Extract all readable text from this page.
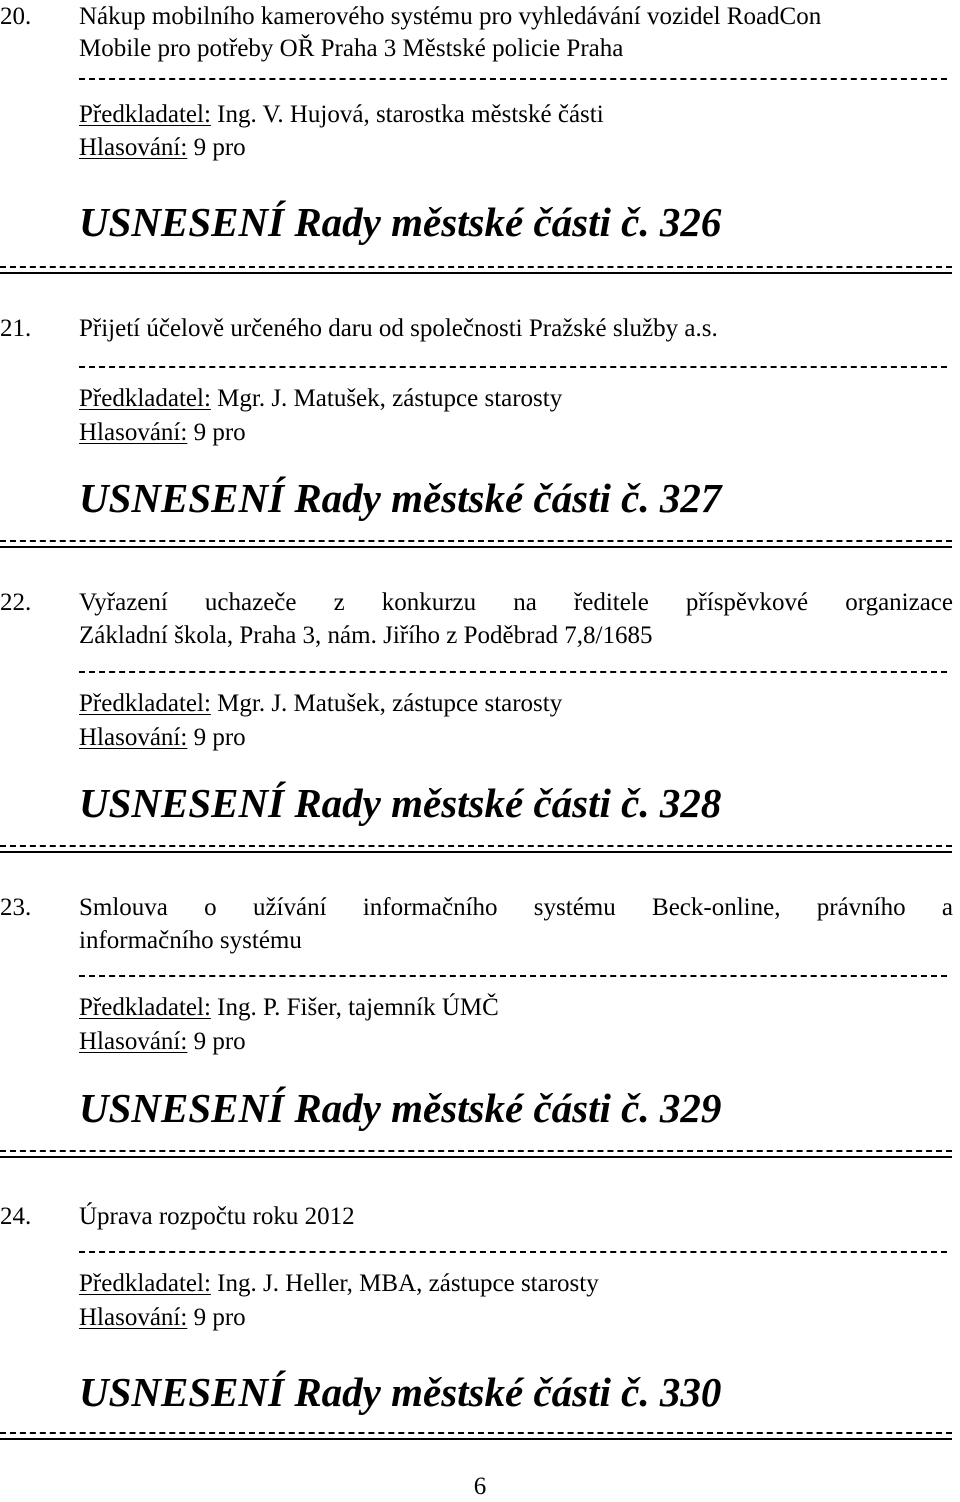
20. Nákup mobilního kamerového systému pro vyhledávání vozidel RoadCon
Mobile pro potřeby OŘ Praha 3 Městské policie Praha
Předkladatel: Ing. V. Hujová, starostka městské části
Hlasování: 9 pro
USNESENÍ Rady městské části č. 326
21. Přijetí účelově určeného daru od společnosti Pražské služby a.s.
Předkladatel: Mgr. J. Matušek, zástupce starosty
Hlasování: 9 pro
USNESENÍ Rady městské části č. 327
22. Vyřazení uchazeče z konkurzu na ředitele příspěvkové organizace
Základní škola, Praha 3, nám. Jiřího z Poděbrad 7,8/1685
Předkladatel: Mgr. J. Matušek, zástupce starosty
Hlasování: 9 pro
USNESENÍ Rady městské části č. 328
23. Smlouva o užívání informačního systému Beck-online, právního a
informačního systému
Předkladatel: Ing. P. Fišer, tajemník ÚMČ
Hlasování: 9 pro
USNESENÍ Rady městské části č. 329
24. Úprava rozpočtu roku 2012
Předkladatel: Ing. J. Heller, MBA, zástupce starosty
Hlasování: 9 pro
USNESENÍ Rady městské části č. 330
6
